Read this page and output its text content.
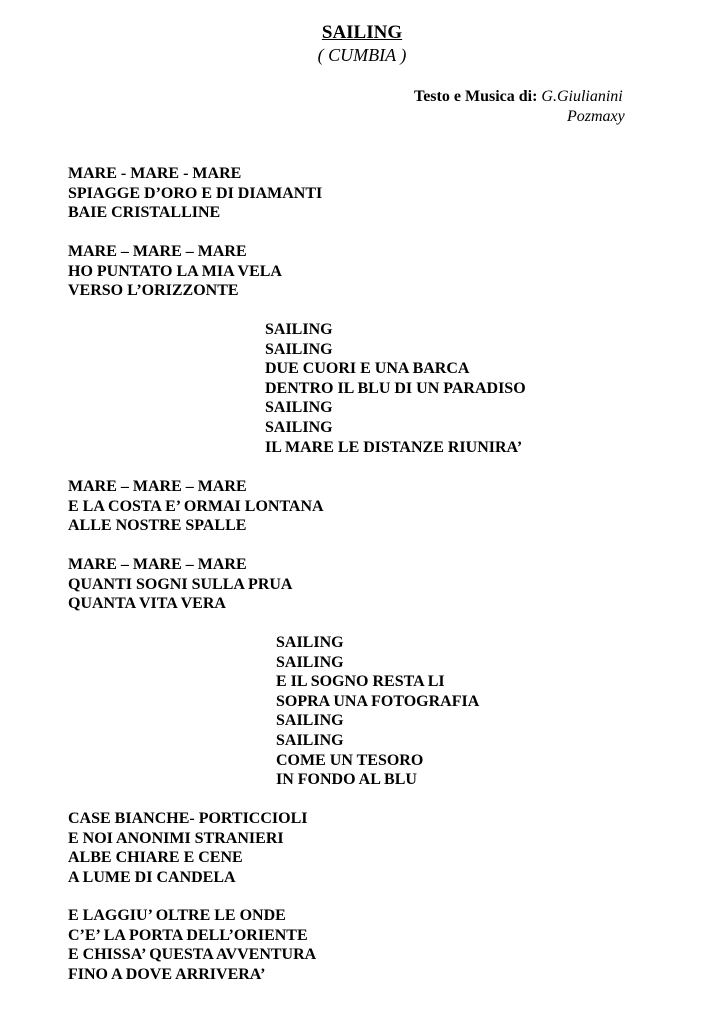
SAILING
( CUMBIA )
Testo e Musica di: G.Giulianini
Pozmaxy
MARE - MARE - MARE
SPIAGGE D’ORO E DI DIAMANTI
BAIE CRISTALLINE
MARE – MARE – MARE
HO PUNTATO LA MIA VELA
VERSO L’ORIZZONTE
SAILING
SAILING
DUE CUORI E UNA BARCA
DENTRO IL BLU DI UN PARADISO
SAILING
SAILING
IL MARE LE DISTANZE RIUNIRA’
MARE – MARE – MARE
E LA COSTA E’ ORMAI LONTANA
ALLE NOSTRE SPALLE
MARE – MARE – MARE
QUANTI SOGNI SULLA PRUA
QUANTA VITA VERA
SAILING
SAILING
E IL SOGNO RESTA LI
SOPRA UNA FOTOGRAFIA
SAILING
SAILING
COME UN TESORO
IN FONDO AL BLU
CASE BIANCHE- PORTICCIOLI
E NOI ANONIMI STRANIERI
ALBE CHIARE E CENE
A LUME DI CANDELA
E LAGGIU’ OLTRE LE ONDE
C’E’ LA PORTA DELL’ORIENTE
E CHISSA’ QUESTA AVVENTURA
FINO A DOVE ARRIVERA’
